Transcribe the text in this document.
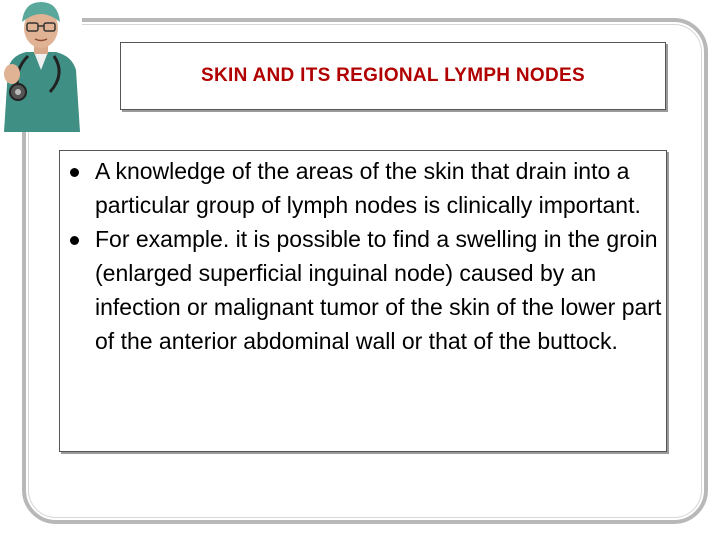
SKIN AND ITS REGIONAL LYMPH NODES
A knowledge of the areas of the skin that drain into a particular group of lymph nodes is clinically important.
For example. it is possible to find a swelling in the groin (enlarged superficial inguinal node) caused by an infection or malignant tumor of the skin of the lower part of the anterior abdominal wall or that of the buttock.
